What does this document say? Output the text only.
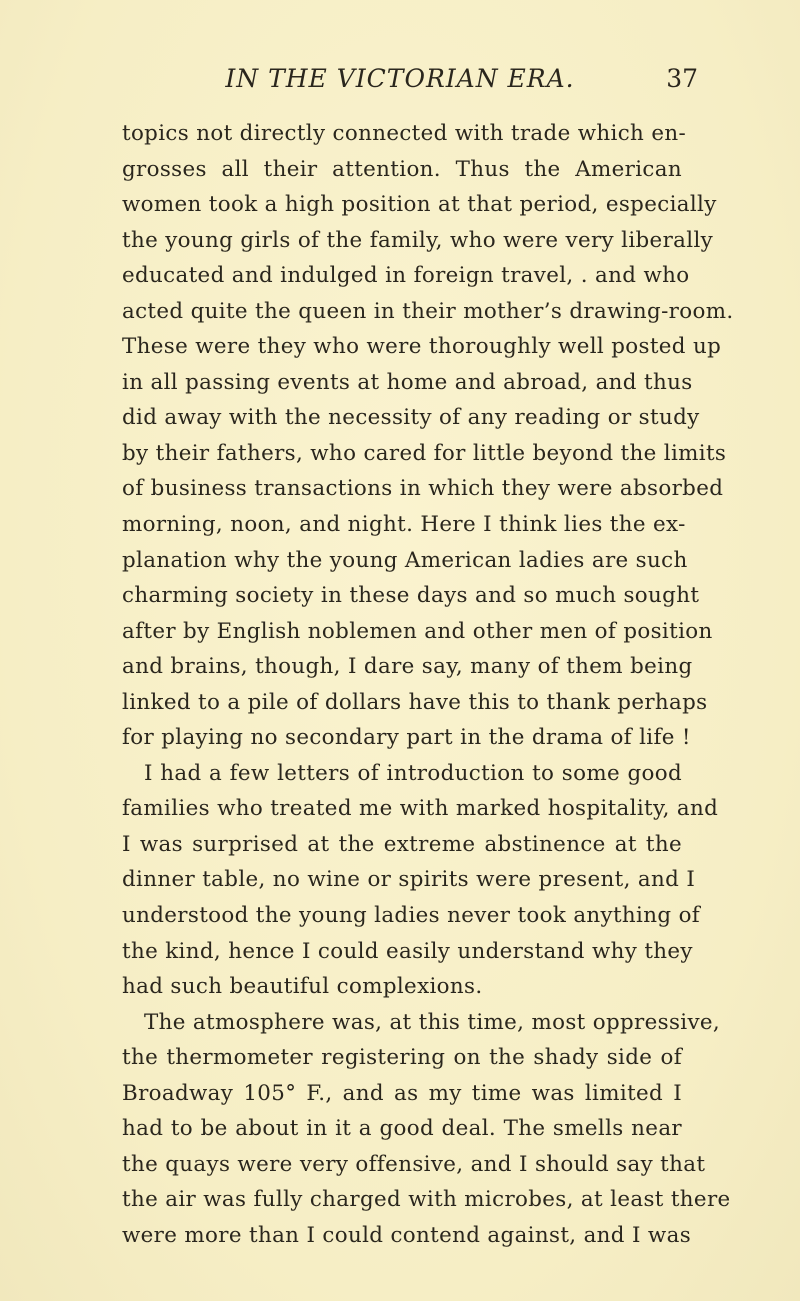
IN THE VICTORIAN ERA.	37
topics not directly connected with trade which en-
grosses all their attention. Thus the American
women took a high position at that period, especially
the young girls of the family, who were very liberally
educated and indulged in foreign travel, . and who
acted quite the queen in their mother’s drawing-room.
These were they who were thoroughly well posted up
in all passing events at home and abroad, and thus
did away with the necessity of any reading or study
by their fathers, who cared for little beyond the limits
of business transactions in which they were absorbed
morning, noon, and night. Here I think lies the ex-
planation why the young American ladies are such
charming society in these days and so much sought
after by English noblemen and other men of position
and brains, though, I dare say, many of them being
linked to a pile of dollars have this to thank perhaps
for playing no secondary part in the drama of life !
I had a few letters of introduction to some good
families who treated me with marked hospitality, and
I was surprised at the extreme abstinence at the
dinner table, no wine or spirits were present, and I
understood the young ladies never took anything of
the kind, hence I could easily understand why they
had such beautiful complexions.
The atmosphere was, at this time, most oppressive,
the thermometer registering on the shady side of
Broadway 105° F., and as my time was limited I
had to be about in it a good deal. The smells near
the quays were very offensive, and I should say that
the air was fully charged with microbes, at least there
were more than I could contend against, and I was
